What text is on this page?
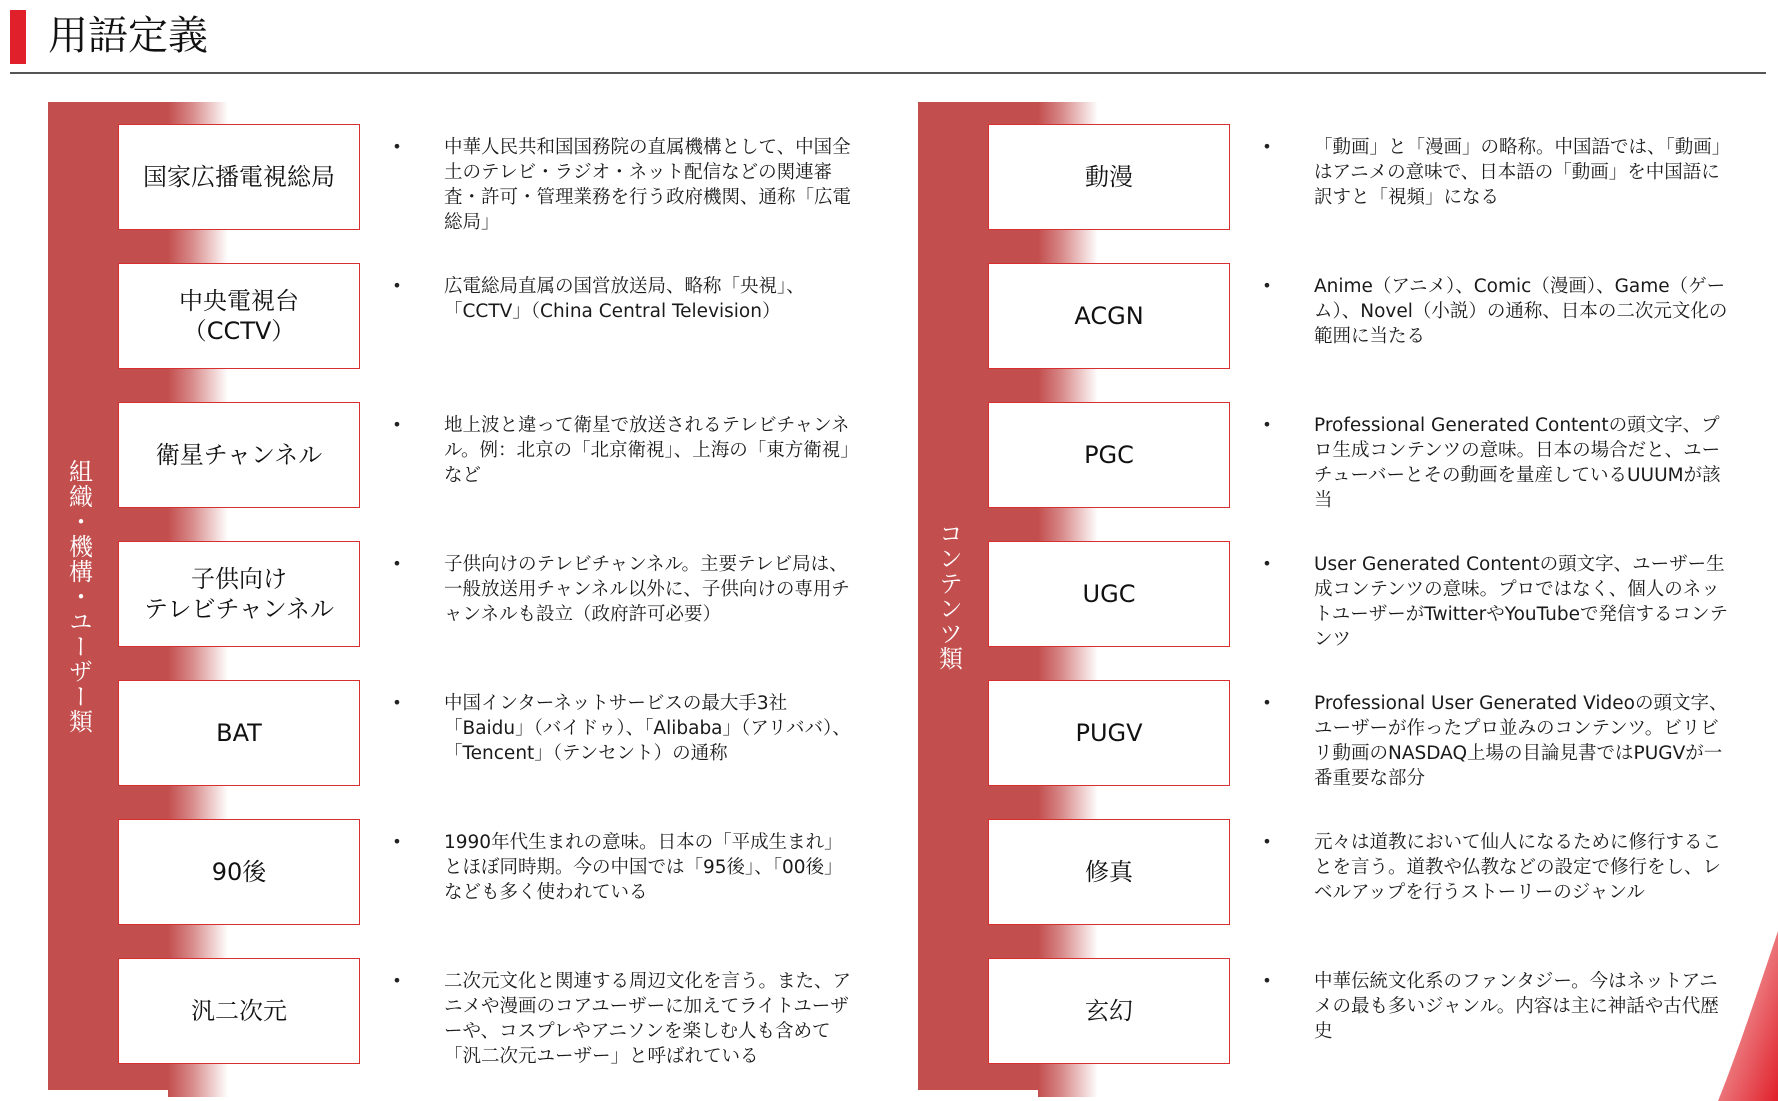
用語定義
組織・機構・ユーザー類
国家広播電視総局
• 中華人民共和国国務院の直属機構として、中国全土のテレビ・ラジオ・ネット配信などの関連審査・許可・管理業務を行う政府機関、通称「広電総局」

中央電視台
（CCTV）
• 広電総局直属の国営放送局、略称「央視」、「CCTV」（China Central Television）

衛星チャンネル
• 地上波と違って衛星で放送されるテレビチャンネル。例：北京の「北京衛視」、上海の「東方衛視」など

子供向け
テレビチャンネル
• 子供向けのテレビチャンネル。主要テレビ局は、一般放送用チャンネル以外に、子供向けの専用チャンネルも設立（政府許可必要）

BAT
• 中国インターネットサービスの最大手3社「Baidu」（バイドゥ）、「Alibaba」（アリババ）、「Tencent」（テンセント）の通称

90後
• 1990年代生まれの意味。日本の「平成生まれ」とほぼ同時期。今の中国では「95後」、「00後」なども多く使われている

汎二次元
• 二次元文化と関連する周辺文化を言う。また、アニメや漫画のコアユーザーに加えてライトユーザーや、コスプレやアニソンを楽しむ人も含めて「汎二次元ユーザー」と呼ばれている

コンテンツ類
動漫
• 「動画」と「漫画」の略称。中国語では、「動画」はアニメの意味で、日本語の「動画」を中国語に訳すと「視頻」になる

ACGN
• Anime（アニメ）、Comic（漫画）、Game（ゲーム）、Novel（小説）の通称、日本の二次元文化の範囲に当たる

PGC
• Professional Generated Contentの頭文字、プロ生成コンテンツの意味。日本の場合だと、ユーチューバーとその動画を量産しているUUUMが該当

UGC
• User Generated Contentの頭文字、ユーザー生成コンテンツの意味。プロではなく、個人のネットユーザーがTwitterやYouTubeで発信するコンテンツ

PUGV
• Professional User Generated Videoの頭文字、ユーザーが作ったプロ並みのコンテンツ。ビリビリ動画のNASDAQ上場の目論見書ではPUGVが一番重要な部分

修真
• 元々は道教において仙人になるために修行することを言う。道教や仏教などの設定で修行をし、レベルアップを行うストーリーのジャンル

玄幻
• 中華伝統文化系のファンタジー。今はネットアニメの最も多いジャンル。内容は主に神話や古代歴史
